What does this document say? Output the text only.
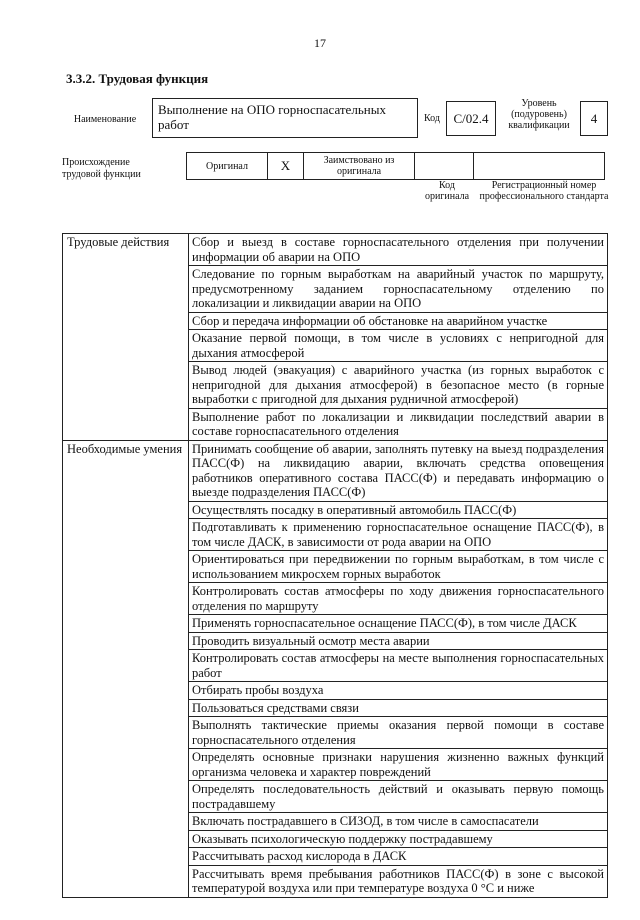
17
3.3.2. Трудовая функция
Наименование
Выполнение на ОПО горноспасательных работ	Код	С/02.4
Уровень
(подуровень)
квалификации	4
Происхождение трудовой функции
Оригинал	Х	Заимствовано из оригинала		
Код оригинала
Регистрационный номер профессионального стандарта
Трудовые действия	Сбор и выезд в составе горноспасательного отделения при получении информации об аварии на ОПО
	Следование по горным выработкам на аварийный участок по маршруту, предусмотренному заданием горноспасательному отделению по локализации и ликвидации аварии на ОПО
	Сбор и передача информации об обстановке на аварийном участке
	Оказание первой помощи, в том числе в условиях с непригодной для дыхания атмосферой
	Вывод людей (эвакуация) с аварийного участка (из горных выработок с непригодной для дыхания атмосферой) в безопасное место (в горные выработки с пригодной для дыхания рудничной атмосферой)
	Выполнение работ по локализации и ликвидации последствий аварии в составе горноспасательного отделения
Необходимые умения	Принимать сообщение об аварии, заполнять путевку на выезд подразделения ПАСС(Ф) на ликвидацию аварии, включать средства оповещения работников оперативного состава ПАСС(Ф) и передавать информацию о выезде подразделения ПАСС(Ф)
	Осуществлять посадку в оперативный автомобиль ПАСС(Ф)
	Подготавливать к применению горноспасательное оснащение ПАСС(Ф), в том числе ДАСК, в зависимости от рода аварии на ОПО
	Ориентироваться при передвижении по горным выработкам, в том числе с использованием микросхем горных выработок
	Контролировать состав атмосферы по ходу движения горноспасательного отделения по маршруту
	Применять горноспасательное оснащение ПАСС(Ф), в том числе ДАСК
	Проводить визуальный осмотр места аварии
	Контролировать состав атмосферы на месте выполнения горноспасательных работ
	Отбирать пробы воздуха
	Пользоваться средствами связи
	Выполнять тактические приемы оказания первой помощи в составе горноспасательного отделения
	Определять основные признаки нарушения жизненно важных функций организма человека и характер повреждений
	Определять последовательность действий и оказывать первую помощь пострадавшему
	Включать пострадавшего в СИЗОД, в том числе в самоспасатели
	Оказывать психологическую поддержку пострадавшему
	Рассчитывать расход кислорода в ДАСК
	Рассчитывать время пребывания работников ПАСС(Ф) в зоне с высокой температурой воздуха или при температуре воздуха 0 °С и ниже
